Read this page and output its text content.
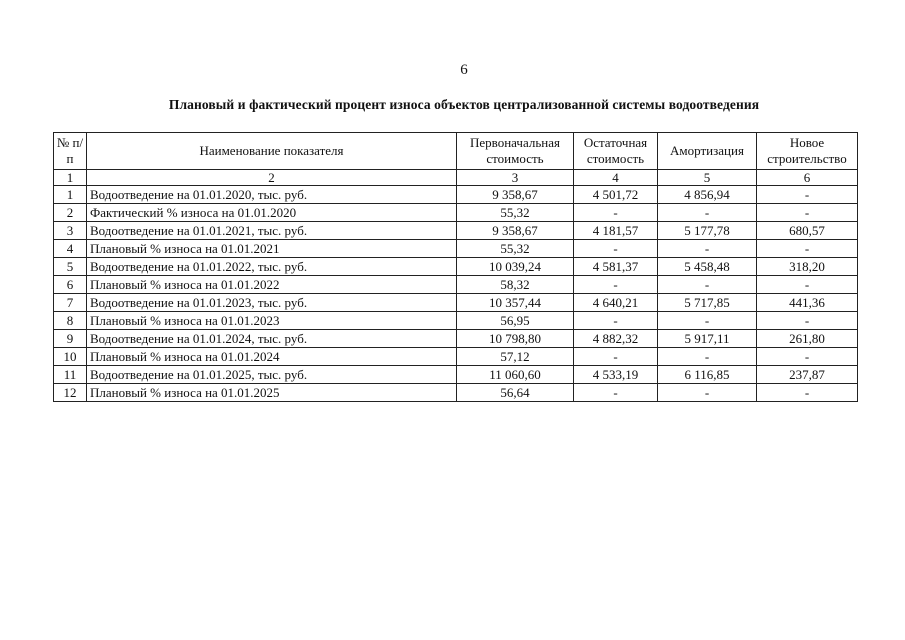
6
Плановый и фактический процент износа объектов централизованной системы водоотведения
№ п/п	Наименование показателя	Первоначальная стоимость	Остаточная стоимость	Амортизация	Новое строительство
1	2	3	4	5	6
1	Водоотведение на 01.01.2020, тыс. руб.	9 358,67	4 501,72	4 856,94	-
2	Фактический % износа на 01.01.2020	55,32	-	-	-
3	Водоотведение на 01.01.2021, тыс. руб.	9 358,67	4 181,57	5 177,78	680,57
4	Плановый % износа на 01.01.2021	55,32	-	-	-
5	Водоотведение на 01.01.2022, тыс. руб.	10 039,24	4 581,37	5 458,48	318,20
6	Плановый % износа на 01.01.2022	58,32	-	-	-
7	Водоотведение на 01.01.2023, тыс. руб.	10 357,44	4 640,21	5 717,85	441,36
8	Плановый % износа на 01.01.2023	56,95	-	-	-
9	Водоотведение на 01.01.2024, тыс. руб.	10 798,80	4 882,32	5 917,11	261,80
10	Плановый % износа на 01.01.2024	57,12	-	-	-
11	Водоотведение на 01.01.2025, тыс. руб.	11 060,60	4 533,19	6 116,85	237,87
12	Плановый % износа на 01.01.2025	56,64	-	-	-
